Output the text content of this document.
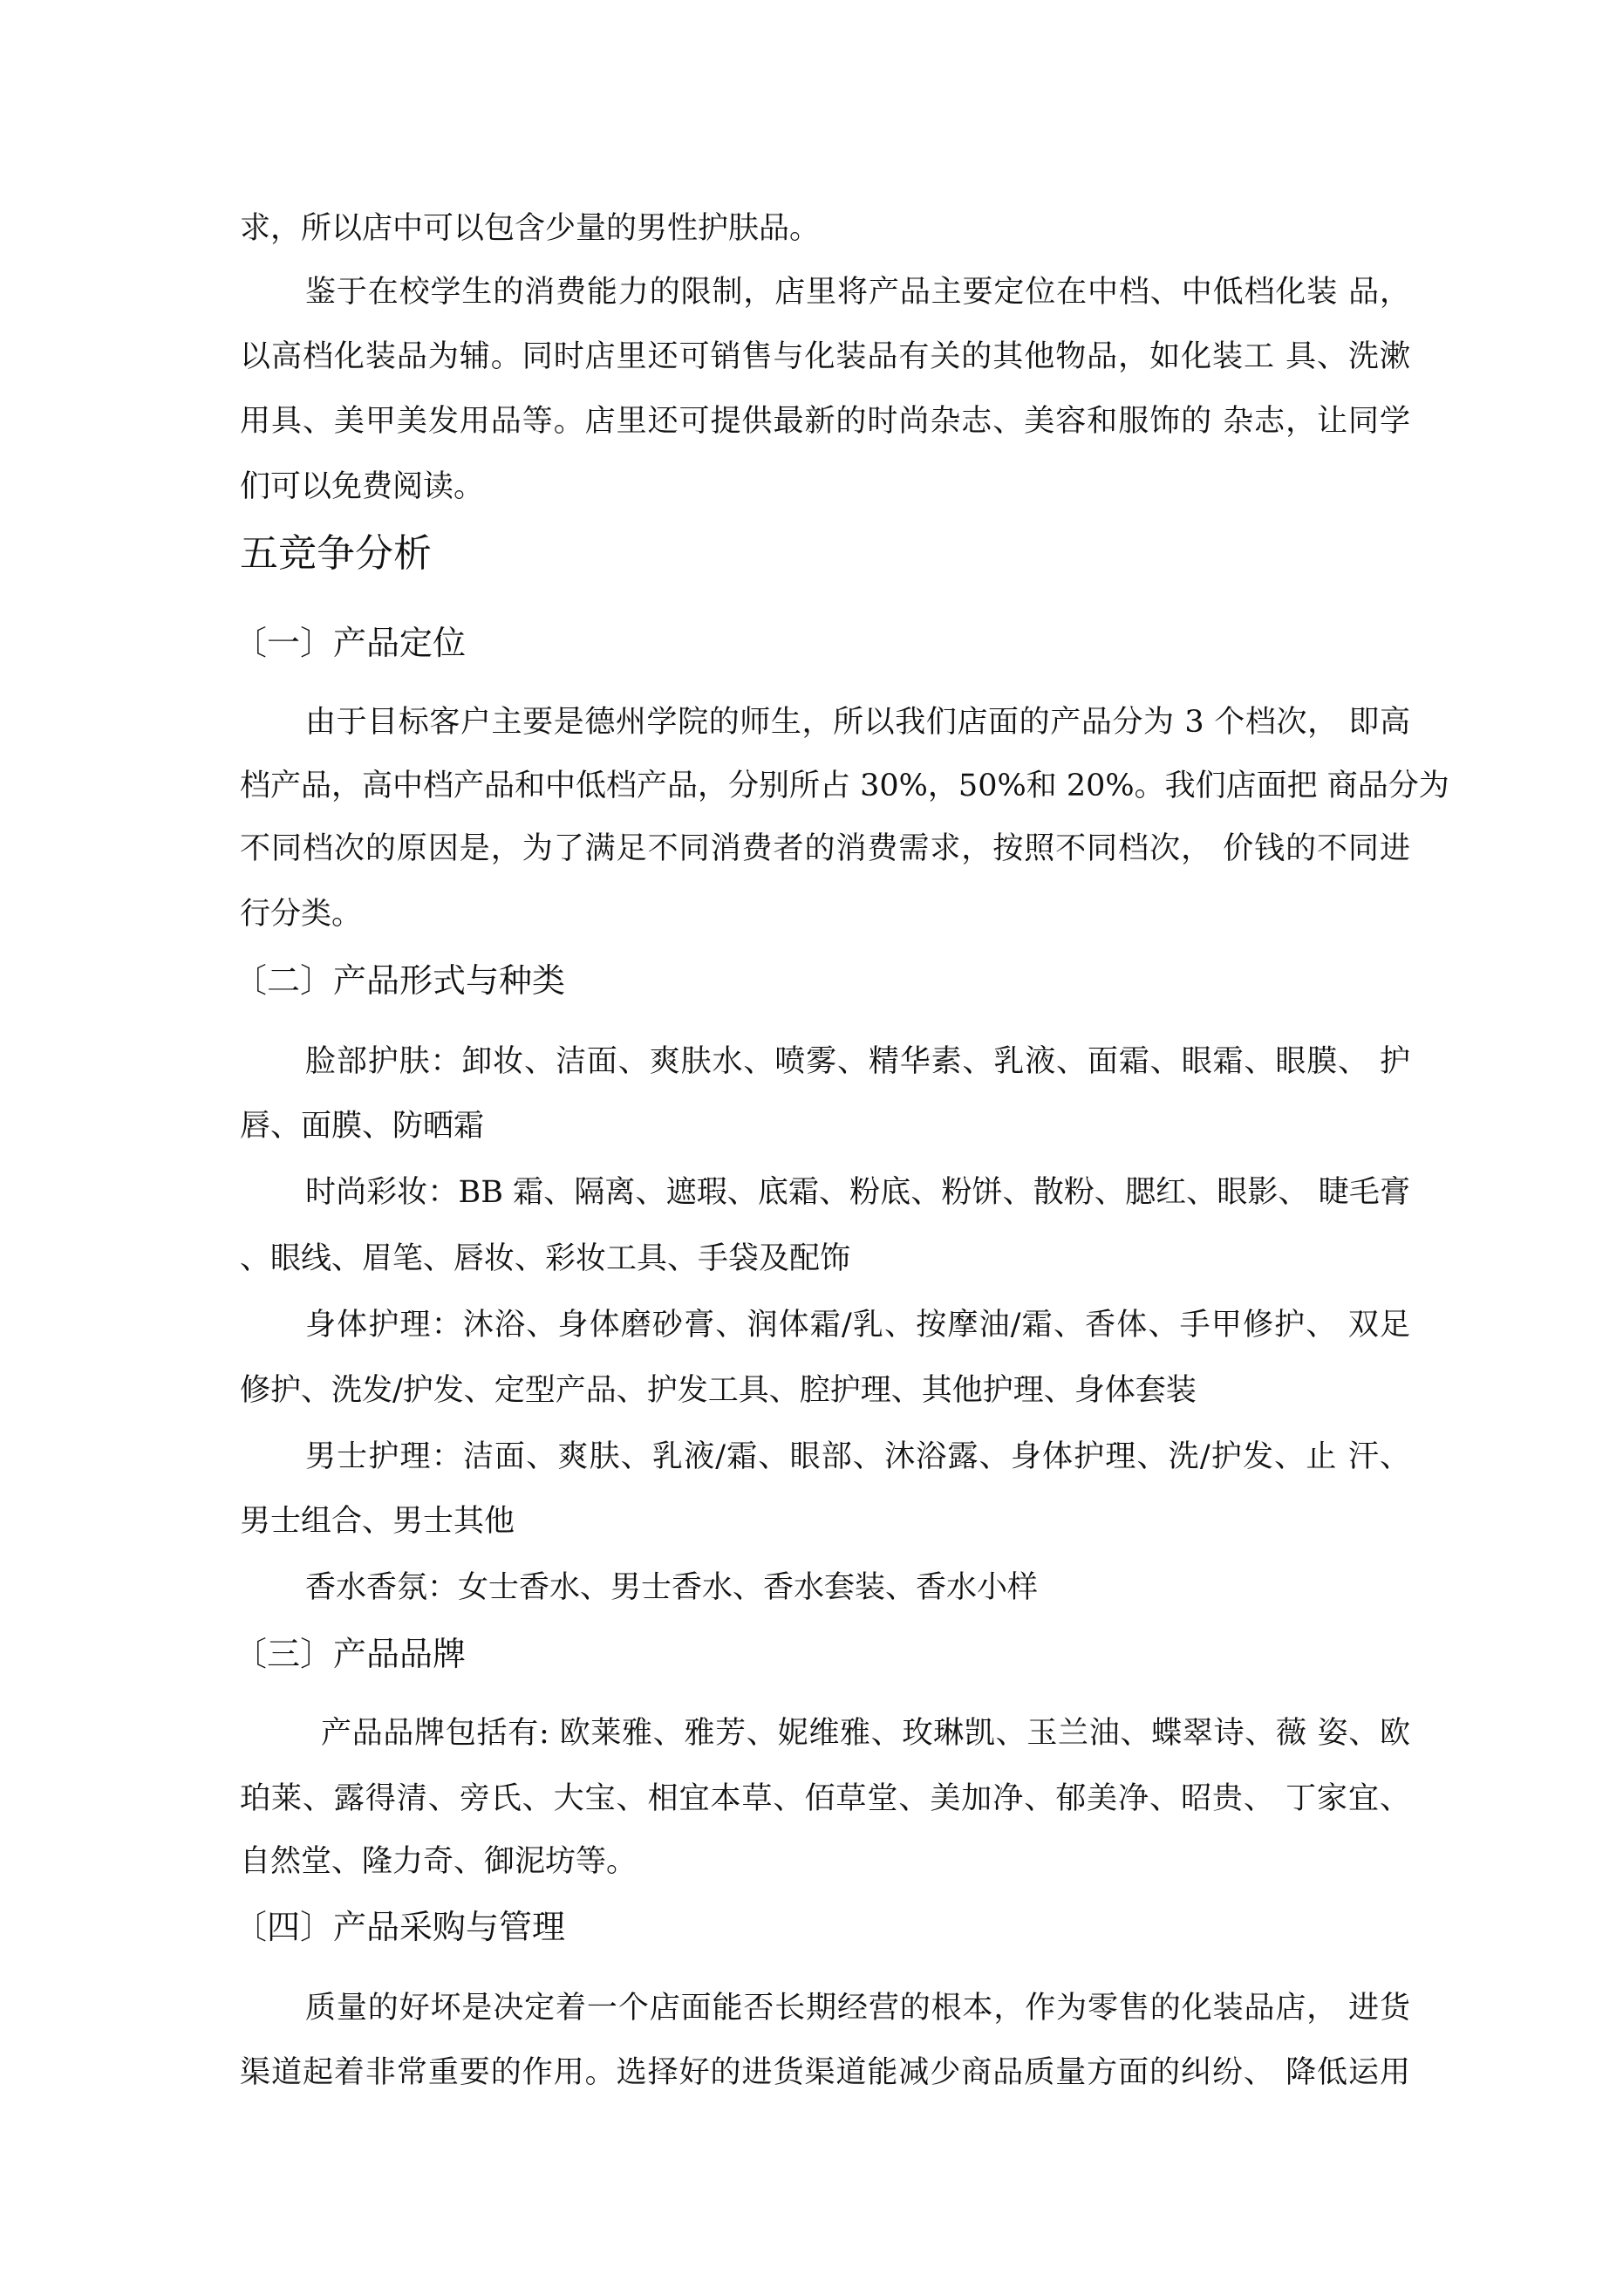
求，所以店中可以包含少量的男性护肤品。
鉴于在校学生的消费能力的限制，店里将产品主要定位在中档、中低档化装 品，
以高档化装品为辅。同时店里还可销售与化装品有关的其他物品，如化装工 具、洗漱
用具、美甲美发用品等。店里还可提供最新的时尚杂志、美容和服饰的 杂志，让同学
们可以免费阅读。
五竞争分析
〔一〕产品定位
由于目标客户主要是德州学院的师生，所以我们店面的产品分为 3 个档次， 即高
档产品，高中档产品和中低档产品，分别所占 30%，50%和 20%。我们店面把 商品分为
不同档次的原因是，为了满足不同消费者的消费需求，按照不同档次， 价钱的不同进
行分类。
〔二〕产品形式与种类
脸部护肤：卸妆、洁面、爽肤水、喷雾、精华素、乳液、面霜、眼霜、眼膜、 护
唇、面膜、防晒霜
时尚彩妆：BB 霜、隔离、遮瑕、底霜、粉底、粉饼、散粉、腮红、眼影、 睫毛膏
、眼线、眉笔、唇妆、彩妆工具、手袋及配饰
身体护理：沐浴、身体磨砂膏、润体霜/乳、按摩油/霜、香体、手甲修护、 双足
修护、洗发/护发、定型产品、护发工具、腔护理、其他护理、身体套装
男士护理：洁面、爽肤、乳液/霜、眼部、沐浴露、身体护理、洗/护发、止 汗、
男士组合、男士其他
香水香氛：女士香水、男士香水、香水套装、香水小样
〔三〕产品品牌
产品品牌包括有: 欧莱雅、雅芳、妮维雅、玫琳凯、玉兰油、蝶翠诗、薇 姿、欧
珀莱、露得清、旁氏、大宝、相宜本草、佰草堂、美加净、郁美净、昭贵、 丁家宜、
自然堂、隆力奇、御泥坊等。
〔四〕产品采购与管理
质量的好坏是决定着一个店面能否长期经营的根本，作为零售的化装品店， 进货
渠道起着非常重要的作用。选择好的进货渠道能减少商品质量方面的纠纷、 降低运用
